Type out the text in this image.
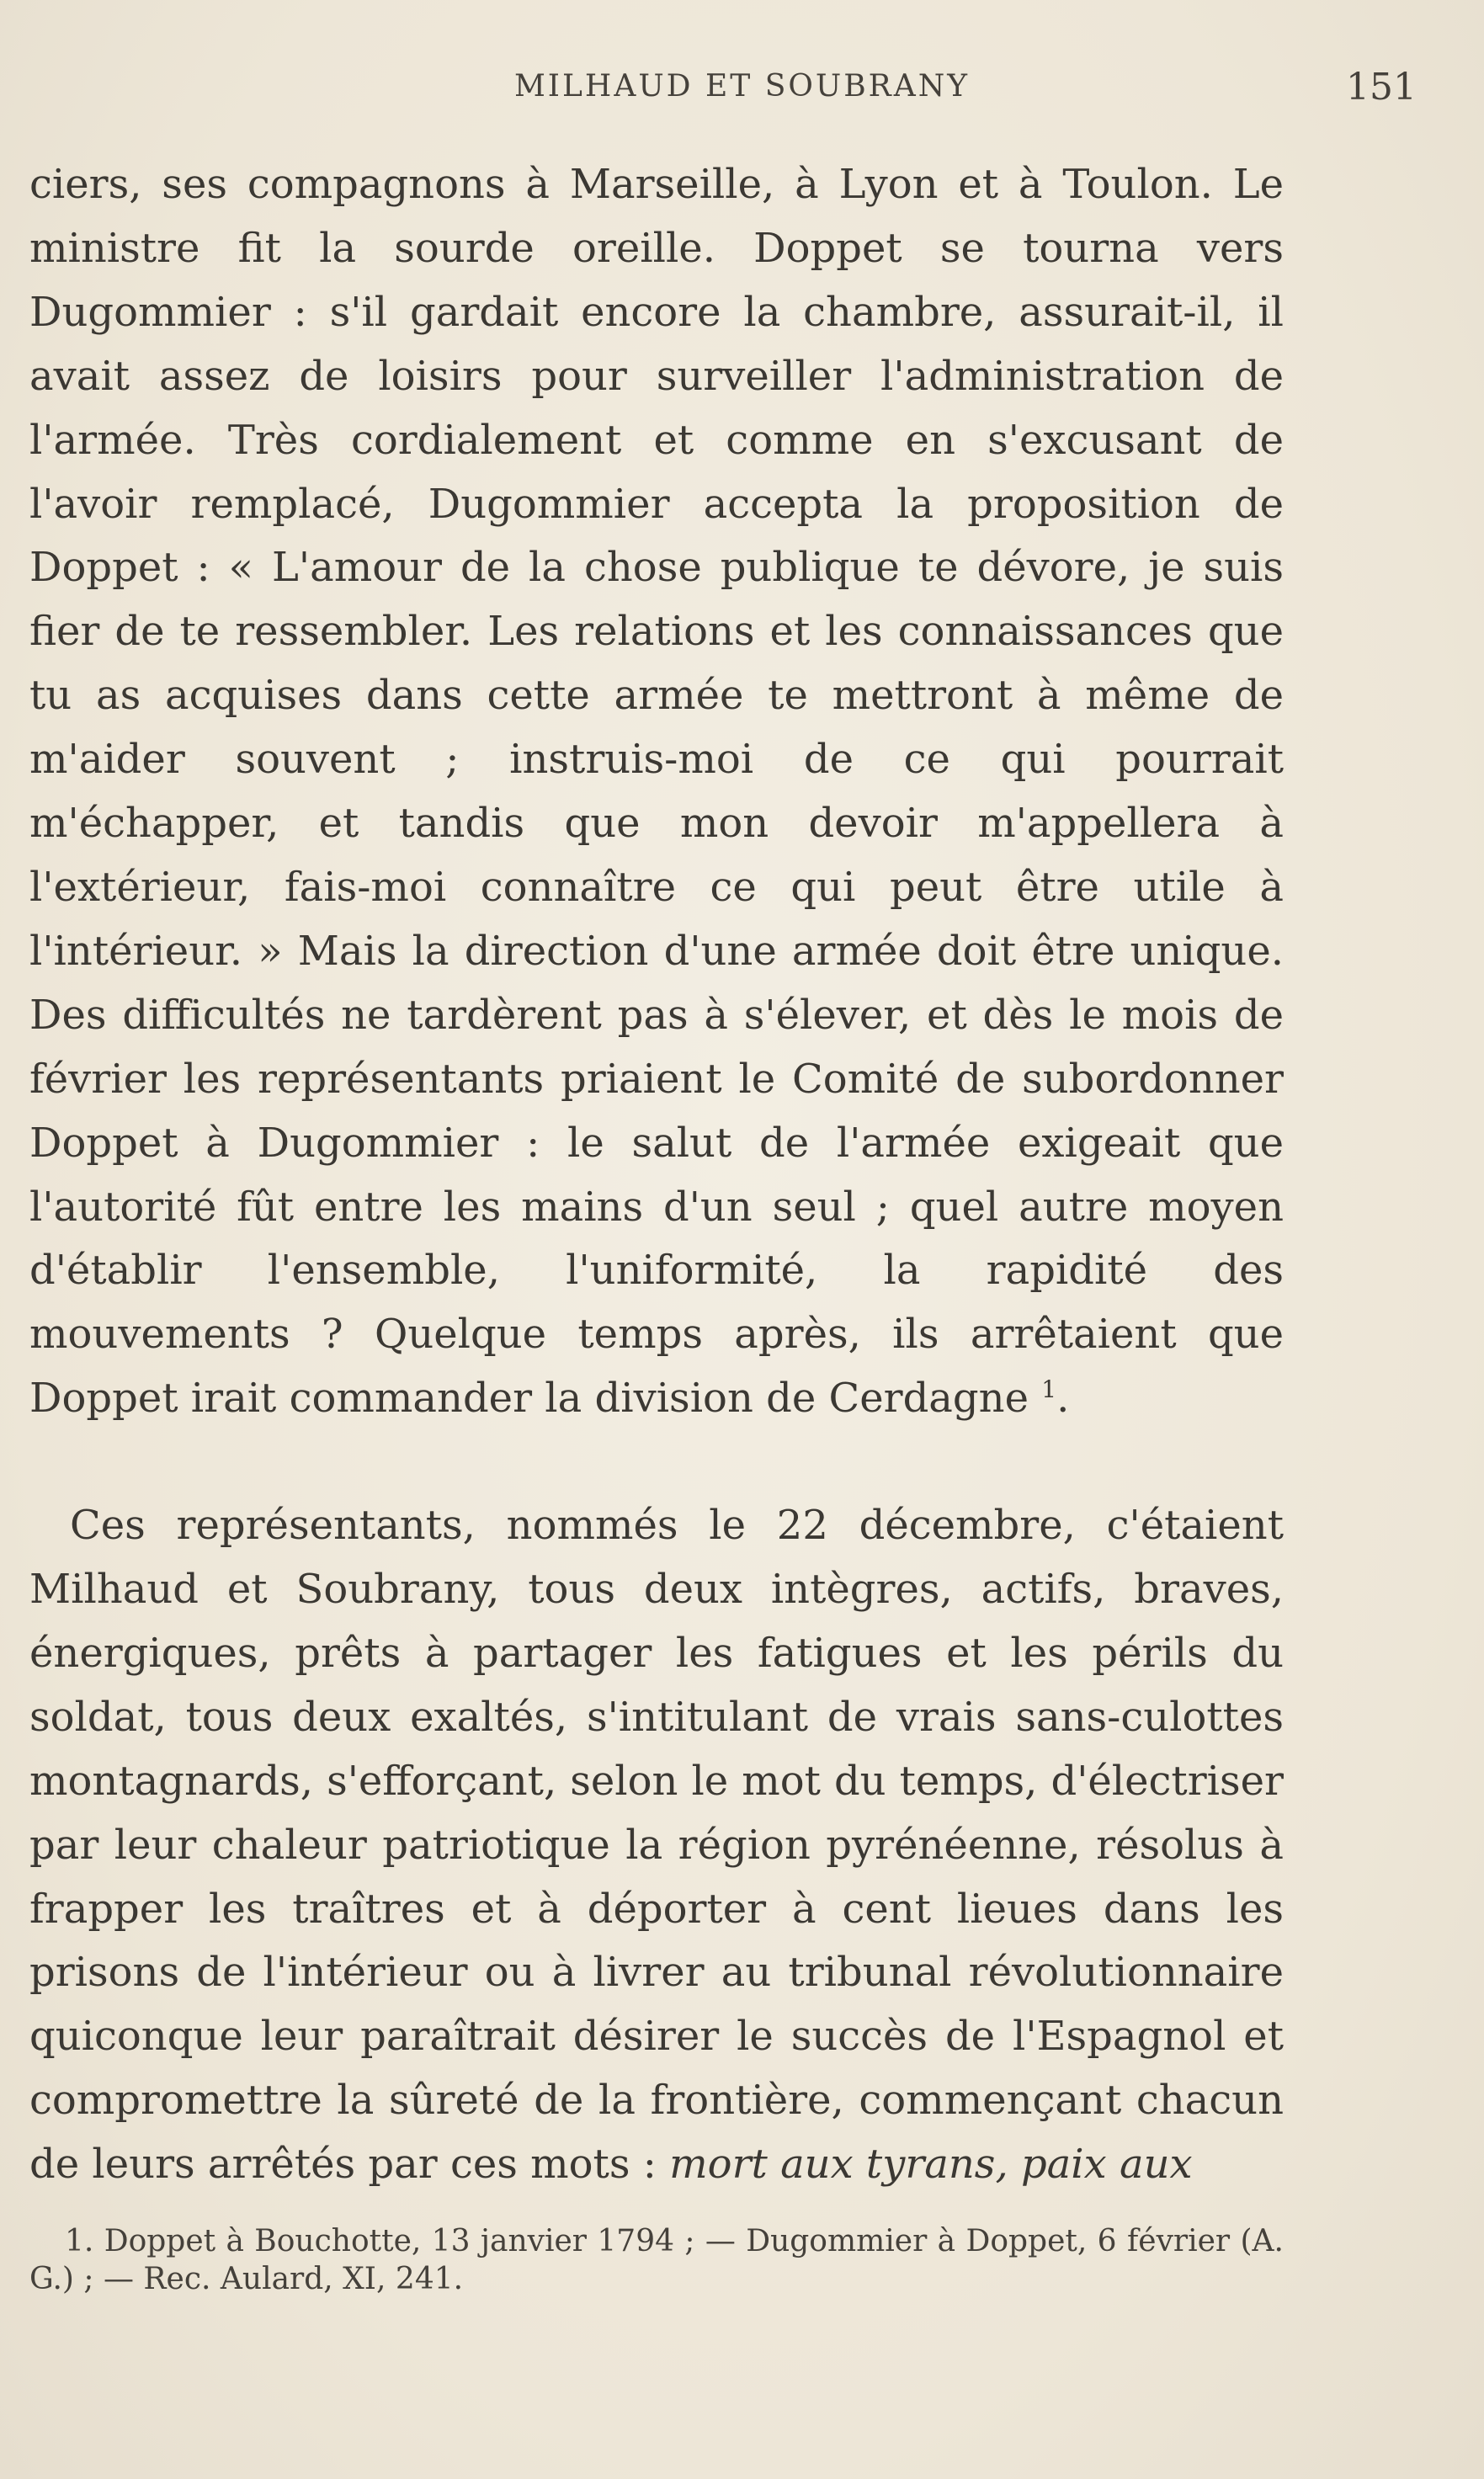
MILHAUD ET SOUBRANY	151

ciers, ses compagnons à Marseille, à Lyon et à Toulon. Le ministre fit la sourde oreille. Doppet se tourna vers Dugommier : s'il gardait encore la chambre, assurait-il, il avait assez de loisirs pour surveiller l'administration de l'armée. Très cordialement et comme en s'excusant de l'avoir remplacé, Dugommier accepta la proposition de Doppet : « L'amour de la chose publique te dévore, je suis fier de te ressembler. Les relations et les connaissances que tu as acquises dans cette armée te mettront à même de m'aider souvent ; instruis-moi de ce qui pourrait m'échapper, et tandis que mon devoir m'appellera à l'extérieur, fais-moi connaître ce qui peut être utile à l'intérieur. » Mais la direction d'une armée doit être unique. Des difficultés ne tardèrent pas à s'élever, et dès le mois de février les représentants priaient le Comité de subordonner Doppet à Dugommier : le salut de l'armée exigeait que l'autorité fût entre les mains d'un seul ; quel autre moyen d'établir l'ensemble, l'uniformité, la rapidité des mouvements ? Quelque temps après, ils arrêtaient que Doppet irait commander la division de Cerdagne $^1$.

Ces représentants, nommés le 22 décembre, c'étaient Milhaud et Soubrany, tous deux intègres, actifs, braves, énergiques, prêts à partager les fatigues et les périls du soldat, tous deux exaltés, s'intitulant de vrais sans-culottes montagnards, s'efforçant, selon le mot du temps, d'électriser par leur chaleur patriotique la région pyrénéenne, résolus à frapper les traîtres et à déporter à cent lieues dans les prisons de l'intérieur ou à livrer au tribunal révolutionnaire quiconque leur paraîtrait désirer le succès de l'Espagnol et compromettre la sûreté de la frontière, commençant chacun de leurs arrêtés par ces mots : mort aux tyrans, paix aux

1. Doppet à Bouchotte, 13 janvier 1794 ; — Dugommier à Doppet, 6 février (A. G.) ; — Rec. Aulard, XI, 241.
